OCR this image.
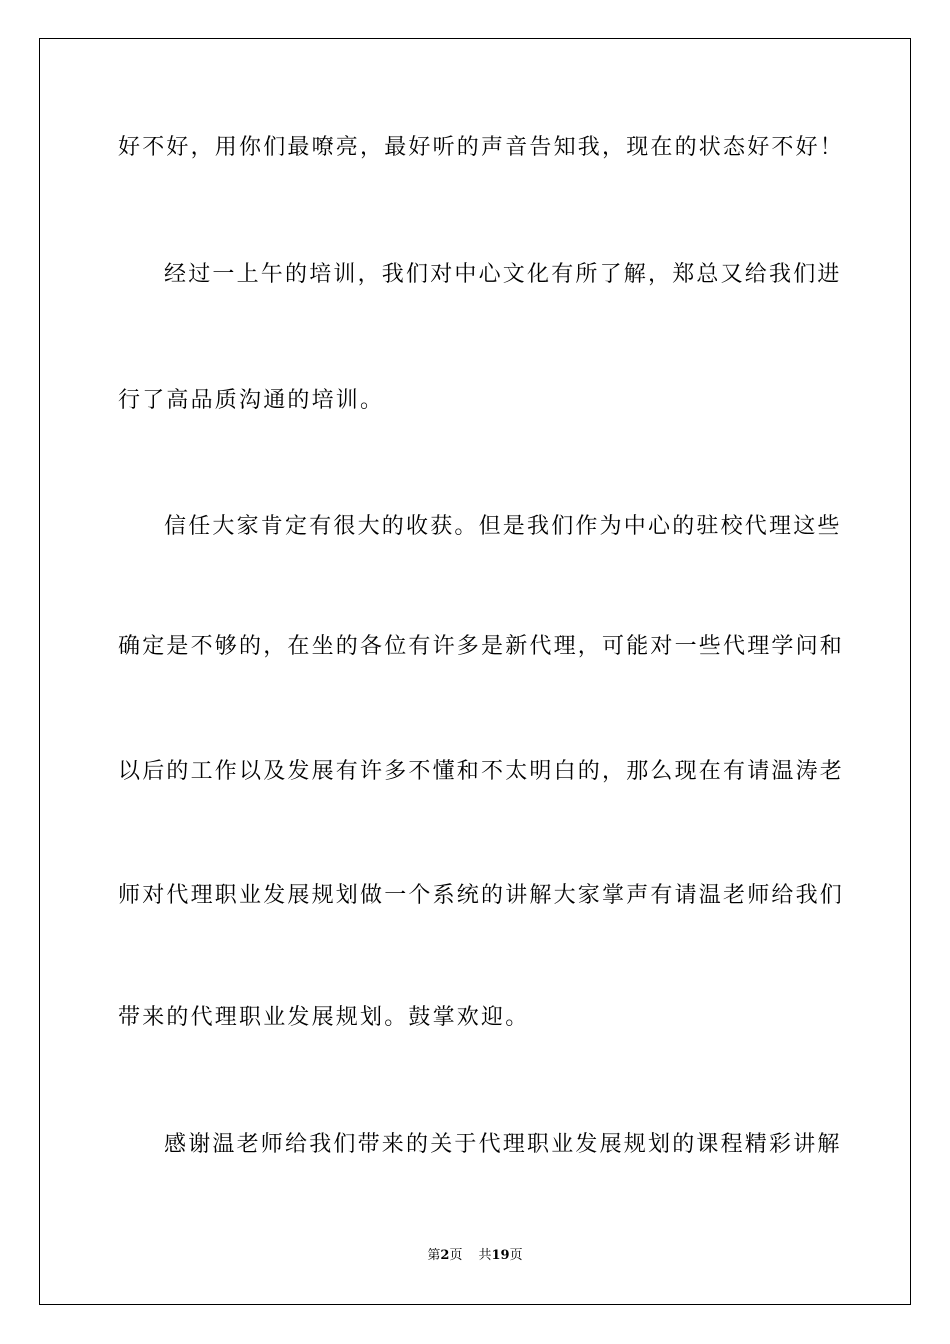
好不好，用你们最嘹亮，最好听的声音告知我，现在的状态好不好！
经过一上午的培训，我们对中心文化有所了解，郑总又给我们进
行了高品质沟通的培训。
信任大家肯定有很大的收获。但是我们作为中心的驻校代理这些
确定是不够的，在坐的各位有许多是新代理，可能对一些代理学问和
以后的工作以及发展有许多不懂和不太明白的，那么现在有请温涛老
师对代理职业发展规划做一个系统的讲解大家掌声有请温老师给我们
带来的代理职业发展规划。鼓掌欢迎。
感谢温老师给我们带来的关于代理职业发展规划的课程精彩讲解
第2页 共19页
